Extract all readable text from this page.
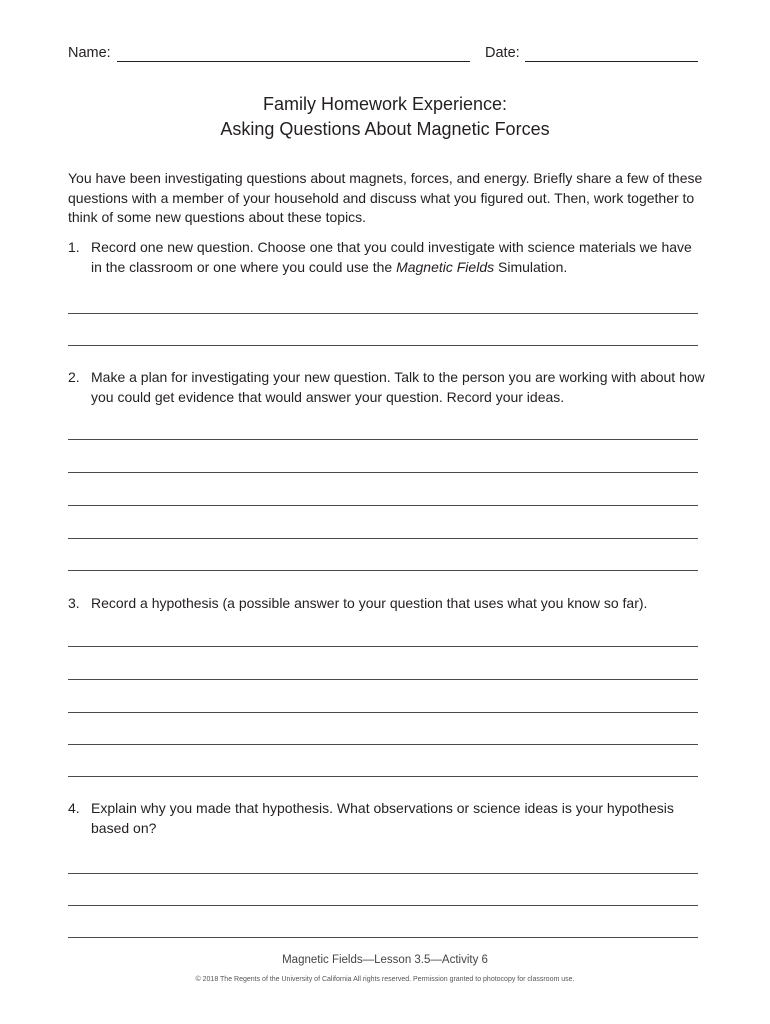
Name:	Date:
Family Homework Experience:
Asking Questions About Magnetic Forces
You have been investigating questions about magnets, forces, and energy. Briefly share a few of these questions with a member of your household and discuss what you figured out. Then, work together to think of some new questions about these topics.
1. Record one new question. Choose one that you could investigate with science materials we have in the classroom or one where you could use the Magnetic Fields Simulation.
2. Make a plan for investigating your new question. Talk to the person you are working with about how you could get evidence that would answer your question. Record your ideas.
3. Record a hypothesis (a possible answer to your question that uses what you know so far).
4. Explain why you made that hypothesis. What observations or science ideas is your hypothesis based on?
Magnetic Fields—Lesson 3.5—Activity 6
© 2018 The Regents of the University of California All rights reserved. Permission granted to photocopy for classroom use.
